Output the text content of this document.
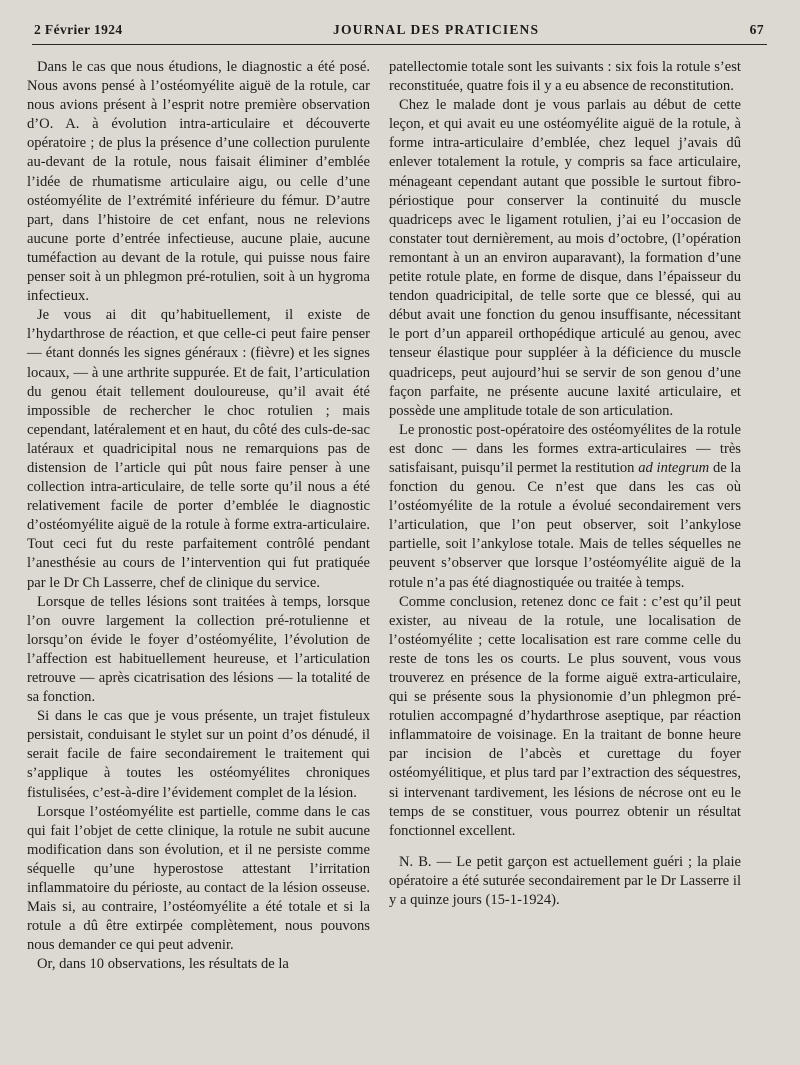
2 Février 1924	JOURNAL DES PRATICIENS	67

Dans le cas que nous étudions, le diagnostic a été posé. Nous avons pensé à l’ostéomyélite aiguë de la rotule, car nous avions présent à l’esprit notre première observation d’O. A. à évolution intra-articulaire et découverte opératoire ; de plus la présence d’une collection purulente au-devant de la rotule, nous faisait éliminer d’emblée l’idée de rhumatisme articulaire aigu, ou celle d’une ostéomyélite de l’extrémité inférieure du fémur. D’autre part, dans l’histoire de cet enfant, nous ne relevions aucune porte d’entrée infectieuse, aucune plaie, aucune tuméfaction au devant de la rotule, qui puisse nous faire penser soit à un phlegmon pré-rotulien, soit à un hygroma infectieux.

Je vous ai dit qu’habituellement, il existe de l’hydarthrose de réaction, et que celle-ci peut faire penser — étant donnés les signes généraux : (fièvre) et les signes locaux, — à une arthrite suppurée. Et de fait, l’articulation du genou était tellement douloureuse, qu’il avait été impossible de rechercher le choc rotulien ; mais cependant, latéralement et en haut, du côté des culs-de-sac latéraux et quadricipital nous ne remarquions pas de distension de l’article qui pût nous faire penser à une collection intra-articulaire, de telle sorte qu’il nous a été relativement facile de porter d’emblée le diagnostic d’ostéomyélite aiguë de la rotule à forme extra-articulaire. Tout ceci fut du reste parfaitement contrôlé pendant l’anesthésie au cours de l’intervention qui fut pratiquée par le Dr Ch Lasserre, chef de clinique du service.

Lorsque de telles lésions sont traitées à temps, lorsque l’on ouvre largement la collection pré-rotulienne et lorsqu’on évide le foyer d’ostéomyélite, l’évolution de l’affection est habituellement heureuse, et l’articulation retrouve — après cicatrisation des lésions — la totalité de sa fonction.

Si dans le cas que je vous présente, un trajet fistuleux persistait, conduisant le stylet sur un point d’os dénudé, il serait facile de faire secondairement le traitement qui s’applique à toutes les ostéomyélites chroniques fistulisées, c’est-à-dire l’évidement complet de la lésion.

Lorsque l’ostéomyélite est partielle, comme dans le cas qui fait l’objet de cette clinique, la rotule ne subit aucune modification dans son évolution, et il ne persiste comme séquelle qu’une hyperostose attestant l’irritation inflammatoire du périoste, au contact de la lésion osseuse. Mais si, au contraire, l’ostéomyélite a été totale et si la rotule a dû être extirpée complètement, nous pouvons nous demander ce qui peut advenir.

Or, dans 10 observations, les résultats de la

patellectomie totale sont les suivants : six fois la rotule s’est reconstituée, quatre fois il y a eu absence de reconstitution.

Chez le malade dont je vous parlais au début de cette leçon, et qui avait eu une ostéomyélite aiguë de la rotule, à forme intra-articulaire d’emblée, chez lequel j’avais dû enlever totalement la rotule, y compris sa face articulaire, ménageant cependant autant que possible le surtout fibro-périostique pour conserver la continuité du muscle quadriceps avec le ligament rotulien, j’ai eu l’occasion de constater tout dernièrement, au mois d’octobre, (l’opération remontant à un an environ auparavant), la formation d’une petite rotule plate, en forme de disque, dans l’épaisseur du tendon quadricipital, de telle sorte que ce blessé, qui au début avait une fonction du genou insuffisante, nécessitant le port d’un appareil orthopédique articulé au genou, avec tenseur élastique pour suppléer à la déficience du muscle quadriceps, peut aujourd’hui se servir de son genou d’une façon parfaite, ne présente aucune laxité articulaire, et possède une amplitude totale de son articulation.

Le pronostic post-opératoire des ostéomyélites de la rotule est donc — dans les formes extra-articulaires — très satisfaisant, puisqu’il permet la restitution ad integrum de la fonction du genou. Ce n’est que dans les cas où l’ostéomyélite de la rotule a évolué secondairement vers l’articulation, que l’on peut observer, soit l’ankylose partielle, soit l’ankylose totale. Mais de telles séquelles ne peuvent s’observer que lorsque l’ostéomyélite aiguë de la rotule n’a pas été diagnostiquée ou traitée à temps.

Comme conclusion, retenez donc ce fait : c’est qu’il peut exister, au niveau de la rotule, une localisation de l’ostéomyélite ; cette localisation est rare comme celle du reste de tons les os courts. Le plus souvent, vous vous trouverez en présence de la forme aiguë extra-articulaire, qui se présente sous la physionomie d’un phlegmon pré-rotulien accompagné d’hydarthrose aseptique, par réaction inflammatoire de voisinage. En la traitant de bonne heure par incision de l’abcès et curettage du foyer ostéomyélitique, et plus tard par l’extraction des séquestres, si intervenant tardivement, les lésions de nécrose ont eu le temps de se constituer, vous pourrez obtenir un résultat fonctionnel excellent.

N. B. — Le petit garçon est actuellement guéri ; la plaie opératoire a été suturée secondairement par le Dr Lasserre il y a quinze jours (15-1-1924).
